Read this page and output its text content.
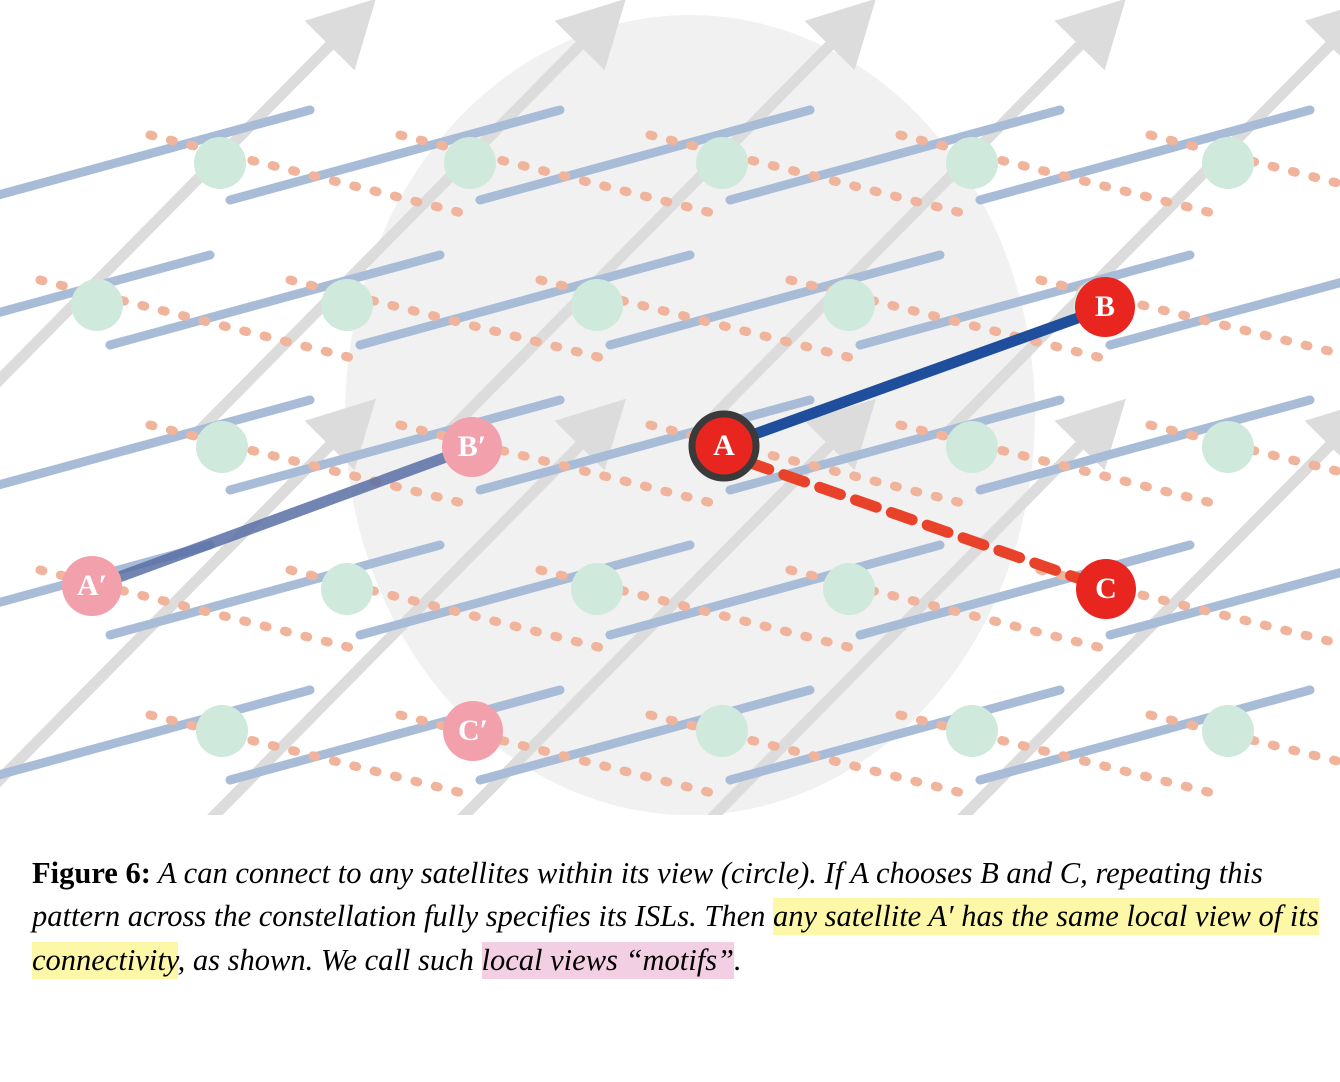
A′
B′
C′
B
C
A
Figure 6: A can connect to any satellites within its view (circle). If A chooses B and C, repeating this pattern across the constellation fully specifies its ISLs. Then any satellite A′ has the same local view of its connectivity, as shown. We call such local views “motifs”.
